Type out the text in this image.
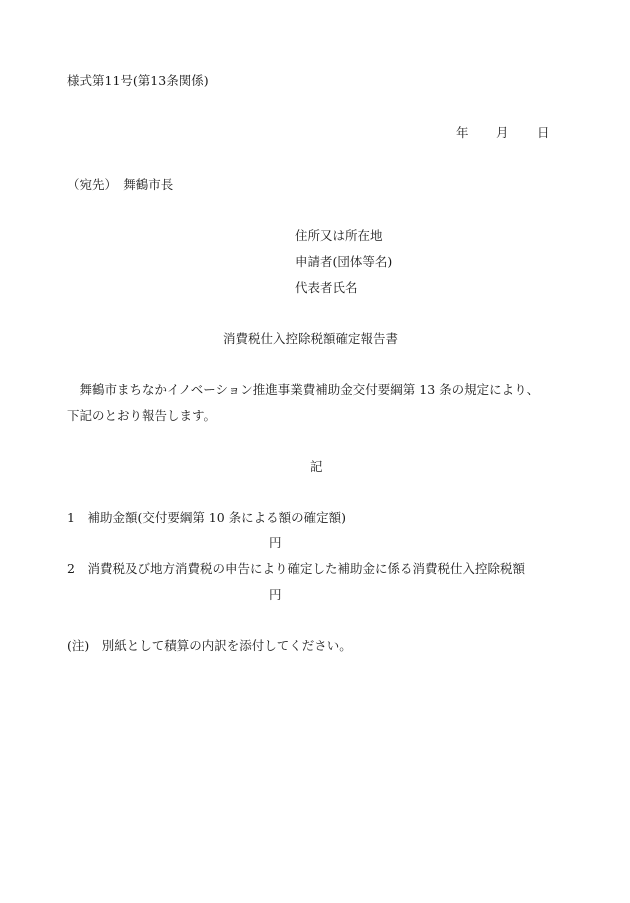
様式第11号(第13条関係)
年 月 日
（宛先）　舞鶴市長
住所又は所在地
申請者(団体等名)
代表者氏名
消費税仕入控除税額確定報告書
　舞鶴市まちなかイノベーション推進事業費補助金交付要綱第 13 条の規定により、
下記のとおり報告します。
記
1　補助金額(交付要綱第 10 条による額の確定額)
円
2　消費税及び地方消費税の申告により確定した補助金に係る消費税仕入控除税額
円
(注)　別紙として積算の内訳を添付してください。
